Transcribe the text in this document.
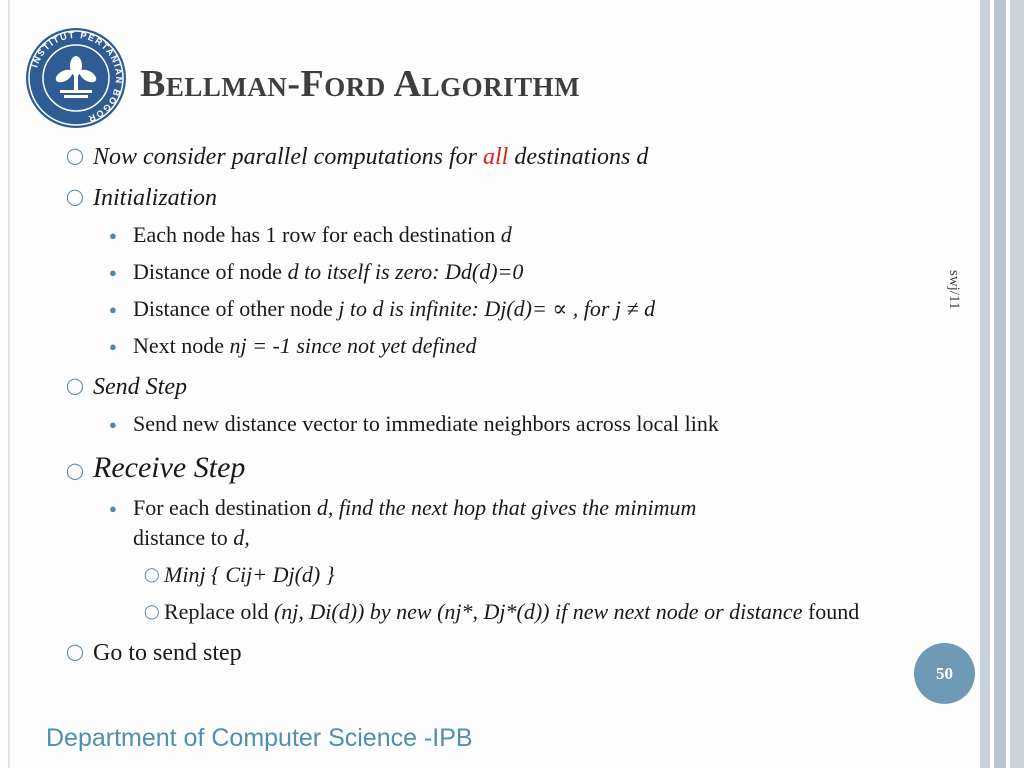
INSTITUT PERTANIAN BOGOR
Bellman-Ford Algorithm
◯ Now consider parallel computations for all destinations d
◯ Initialization
● Each node has 1 row for each destination d
● Distance of node d to itself is zero: Dd(d)=0
● Distance of other node j to d is infinite: Dj(d)= ∝ , for j ≠ d
● Next node nj = -1 since not yet defined
◯ Send Step
● Send new distance vector to immediate neighbors across local link
◯ Receive Step
● For each destination d, find the next hop that gives the minimum
distance to d,
◯ Minj { Cij+ Dj(d) }
◯ Replace old (nj, Di(d)) by new (nj*, Dj*(d)) if new next node or distance found
◯ Go to send step
swj/11
50
Department of Computer Science -IPB
